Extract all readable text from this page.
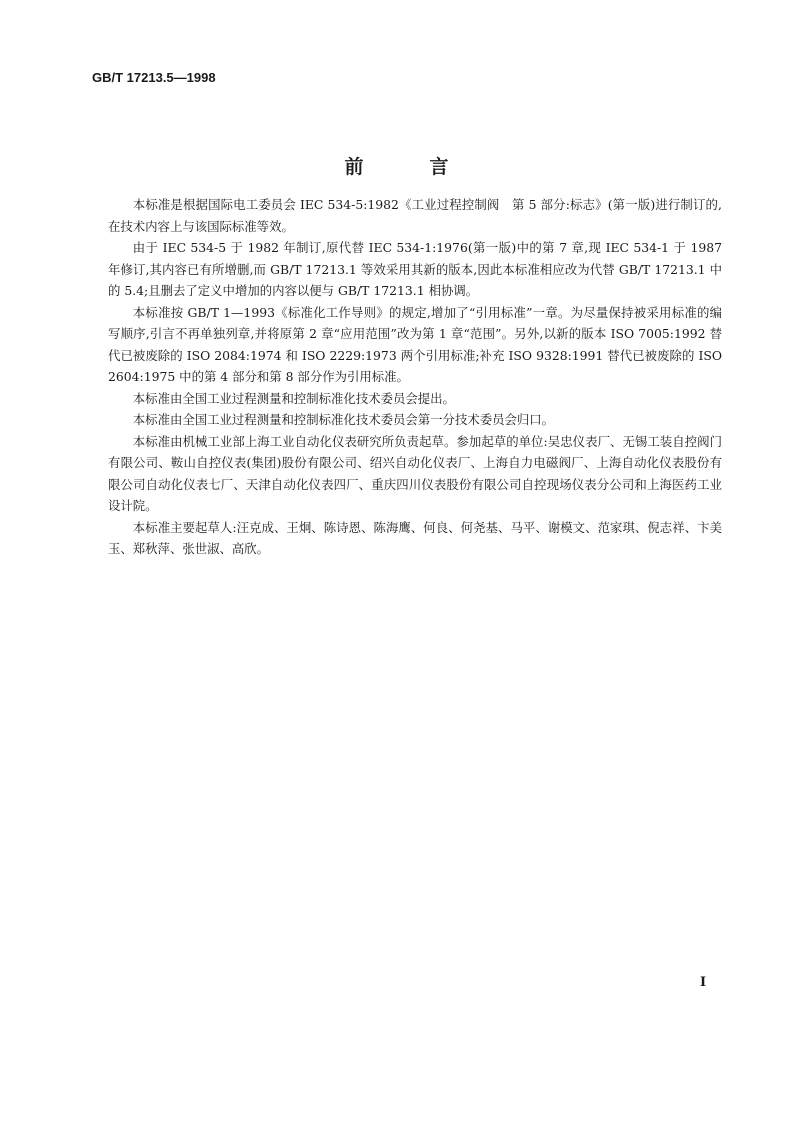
GB/T 17213.5—1998
前	言

本标准是根据国际电工委员会 IEC 534-5:1982《工业过程控制阀　第 5 部分:标志》(第一版)进行制订的,在技术内容上与该国际标准等效。

由于 IEC 534-5 于 1982 年制订,原代替 IEC 534-1:1976(第一版)中的第 7 章,现 IEC 534-1 于 1987 年修订,其内容已有所增删,而 GB/T 17213.1 等效采用其新的版本,因此本标准相应改为代替 GB/T 17213.1 中的 5.4;且删去了定义中增加的内容以便与 GB/T 17213.1 相协调。

本标准按 GB/T 1—1993《标准化工作导则》的规定,增加了“引用标准”一章。为尽量保持被采用标准的编写顺序,引言不再单独列章,并将原第 2 章“应用范围”改为第 1 章“范围”。另外,以新的版本 ISO 7005:1992 替代已被废除的 ISO 2084:1974 和 ISO 2229:1973 两个引用标准;补充 ISO 9328:1991 替代已被废除的 ISO 2604:1975 中的第 4 部分和第 8 部分作为引用标准。

本标准由全国工业过程测量和控制标准化技术委员会提出。

本标准由全国工业过程测量和控制标准化技术委员会第一分技术委员会归口。

本标准由机械工业部上海工业自动化仪表研究所负责起草。参加起草的单位:吴忠仪表厂、无锡工装自控阀门有限公司、鞍山自控仪表(集团)股份有限公司、绍兴自动化仪表厂、上海自力电磁阀厂、上海自动化仪表股份有限公司自动化仪表七厂、天津自动化仪表四厂、重庆四川仪表股份有限公司自控现场仪表分公司和上海医药工业设计院。

本标准主要起草人:汪克成、王炯、陈诗恩、陈海鹰、何良、何尧基、马平、谢模文、范家琪、倪志祥、卞美玉、郑秋萍、张世淑、高欣。

I
